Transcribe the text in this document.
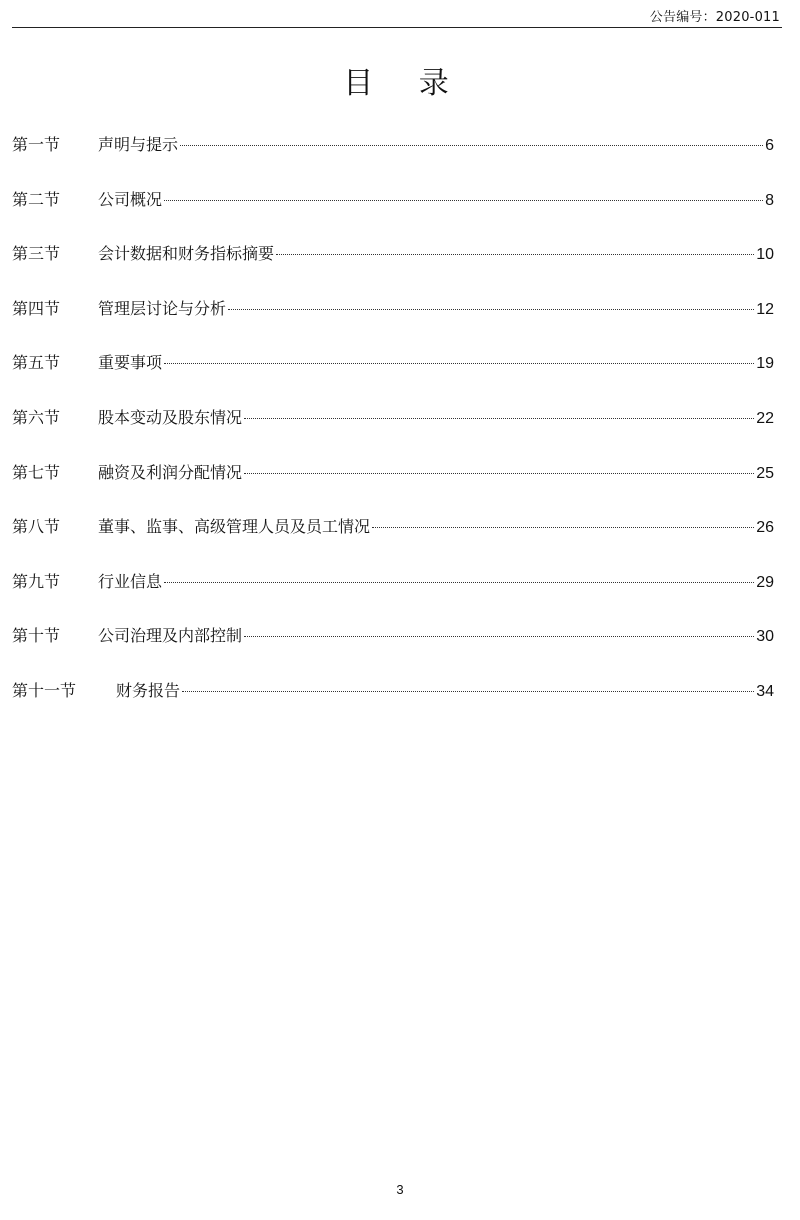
公告编号：2020-011
目 录
第一节	声明与提示	6
第二节	公司概况	8
第三节	会计数据和财务指标摘要	10
第四节	管理层讨论与分析	12
第五节	重要事项	19
第六节	股本变动及股东情况	22
第七节	融资及利润分配情况	25
第八节	董事、监事、高级管理人员及员工情况	26
第九节	行业信息	29
第十节	公司治理及内部控制	30
第十一节	财务报告	34
3
